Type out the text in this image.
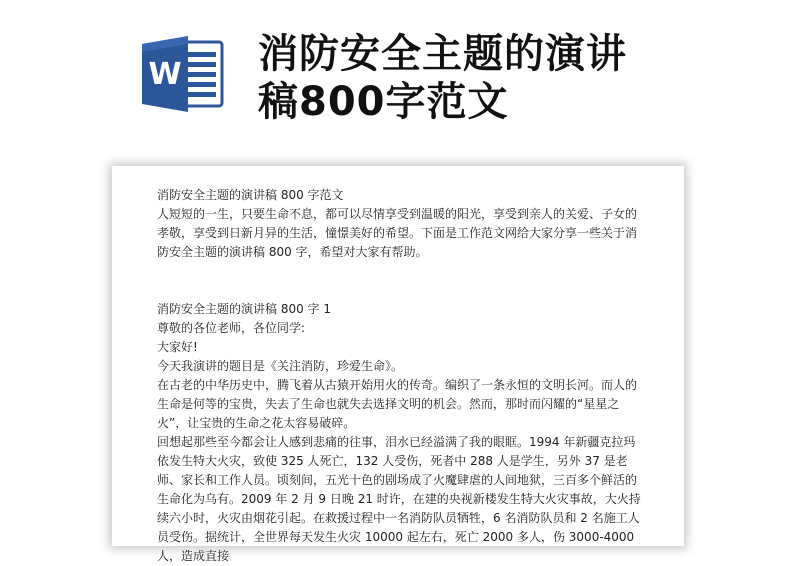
W 消防安全主题的演讲
稿800字范文

消防安全主题的演讲稿 800 字范文

人短短的一生，只要生命不息，都可以尽情享受到温暖的阳光，享受到亲人的关爱、子女的孝敬，享受到日新月异的生活，憧憬美好的希望。下面是工作范文网给大家分享一些关于消防安全主题的演讲稿 800 字，希望对大家有帮助。

消防安全主题的演讲稿 800 字 1

尊敬的各位老师，各位同学:

大家好!

今天我演讲的题目是《关注消防，珍爱生命》。

在古老的中华历史中，腾飞着从古猿开始用火的传奇。编织了一条永恒的文明长河。而人的生命是何等的宝贵，失去了生命也就失去选择文明的机会。然而，那时而闪耀的“星星之火”，让宝贵的生命之花太容易破碎。

回想起那些至今都会让人感到悲痛的往事，泪水已经溢满了我的眼眶。1994 年新疆克拉玛依发生特大火灾，致使 325 人死亡，132 人受伤，死者中 288 人是学生，另外 37 是老师、家长和工作人员。顷刻间，五光十色的剧场成了火魔肆虐的人间地狱，三百多个鲜活的生命化为乌有。2009 年 2 月 9 日晚 21 时许，在建的央视新楼发生特大火灾事故，大火持续六小时，火灾由烟花引起。在救援过程中一名消防队员牺牲，6 名消防队员和 2 名施工人员受伤。据统计，全世界每天发生火灾 10000 起左右，死亡 2000 多人，伤 3000-4000 人，造成直接
